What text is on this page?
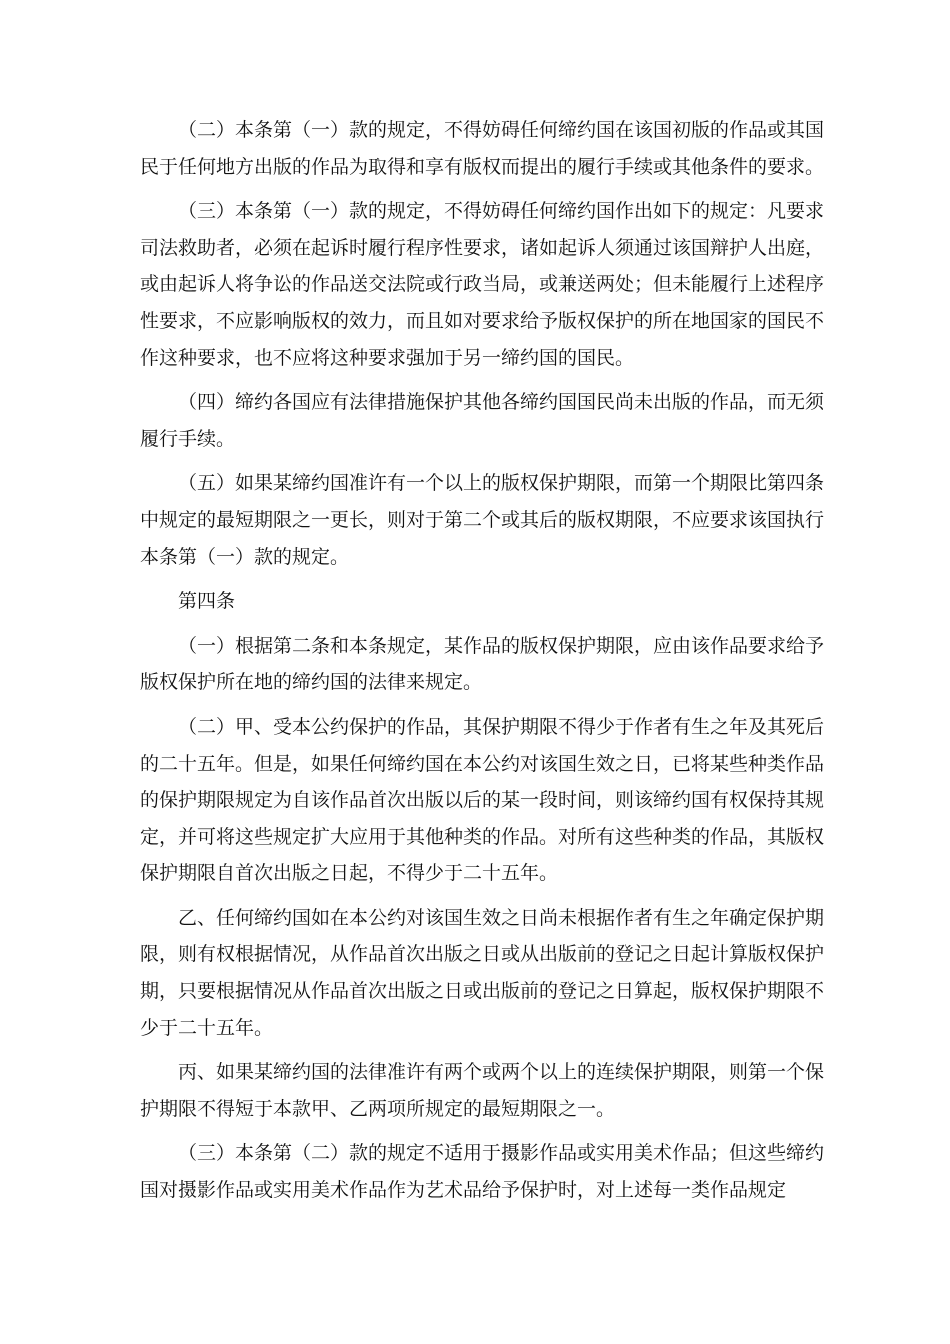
（二）本条第（一）款的规定，不得妨碍任何缔约国在该国初版的作品或其国民于任何地方出版的作品为取得和享有版权而提出的履行手续或其他条件的要求。

（三）本条第（一）款的规定，不得妨碍任何缔约国作出如下的规定：凡要求司法救助者，必须在起诉时履行程序性要求，诸如起诉人须通过该国辩护人出庭，或由起诉人将争讼的作品送交法院或行政当局，或兼送两处；但未能履行上述程序性要求，不应影响版权的效力，而且如对要求给予版权保护的所在地国家的国民不作这种要求，也不应将这种要求强加于另一缔约国的国民。

（四）缔约各国应有法律措施保护其他各缔约国国民尚未出版的作品，而无须履行手续。

（五）如果某缔约国准许有一个以上的版权保护期限，而第一个期限比第四条中规定的最短期限之一更长，则对于第二个或其后的版权期限，不应要求该国执行本条第（一）款的规定。

第四条

（一）根据第二条和本条规定，某作品的版权保护期限，应由该作品要求给予版权保护所在地的缔约国的法律来规定。

（二）甲、受本公约保护的作品，其保护期限不得少于作者有生之年及其死后的二十五年。但是，如果任何缔约国在本公约对该国生效之日，已将某些种类作品的保护期限规定为自该作品首次出版以后的某一段时间，则该缔约国有权保持其规定，并可将这些规定扩大应用于其他种类的作品。对所有这些种类的作品，其版权保护期限自首次出版之日起，不得少于二十五年。

乙、任何缔约国如在本公约对该国生效之日尚未根据作者有生之年确定保护期限，则有权根据情况，从作品首次出版之日或从出版前的登记之日起计算版权保护期，只要根据情况从作品首次出版之日或出版前的登记之日算起，版权保护期限不少于二十五年。

丙、如果某缔约国的法律准许有两个或两个以上的连续保护期限，则第一个保护期限不得短于本款甲、乙两项所规定的最短期限之一。

（三）本条第（二）款的规定不适用于摄影作品或实用美术作品；但这些缔约国对摄影作品或实用美术作品作为艺术品给予保护时，对上述每一类作品规定
